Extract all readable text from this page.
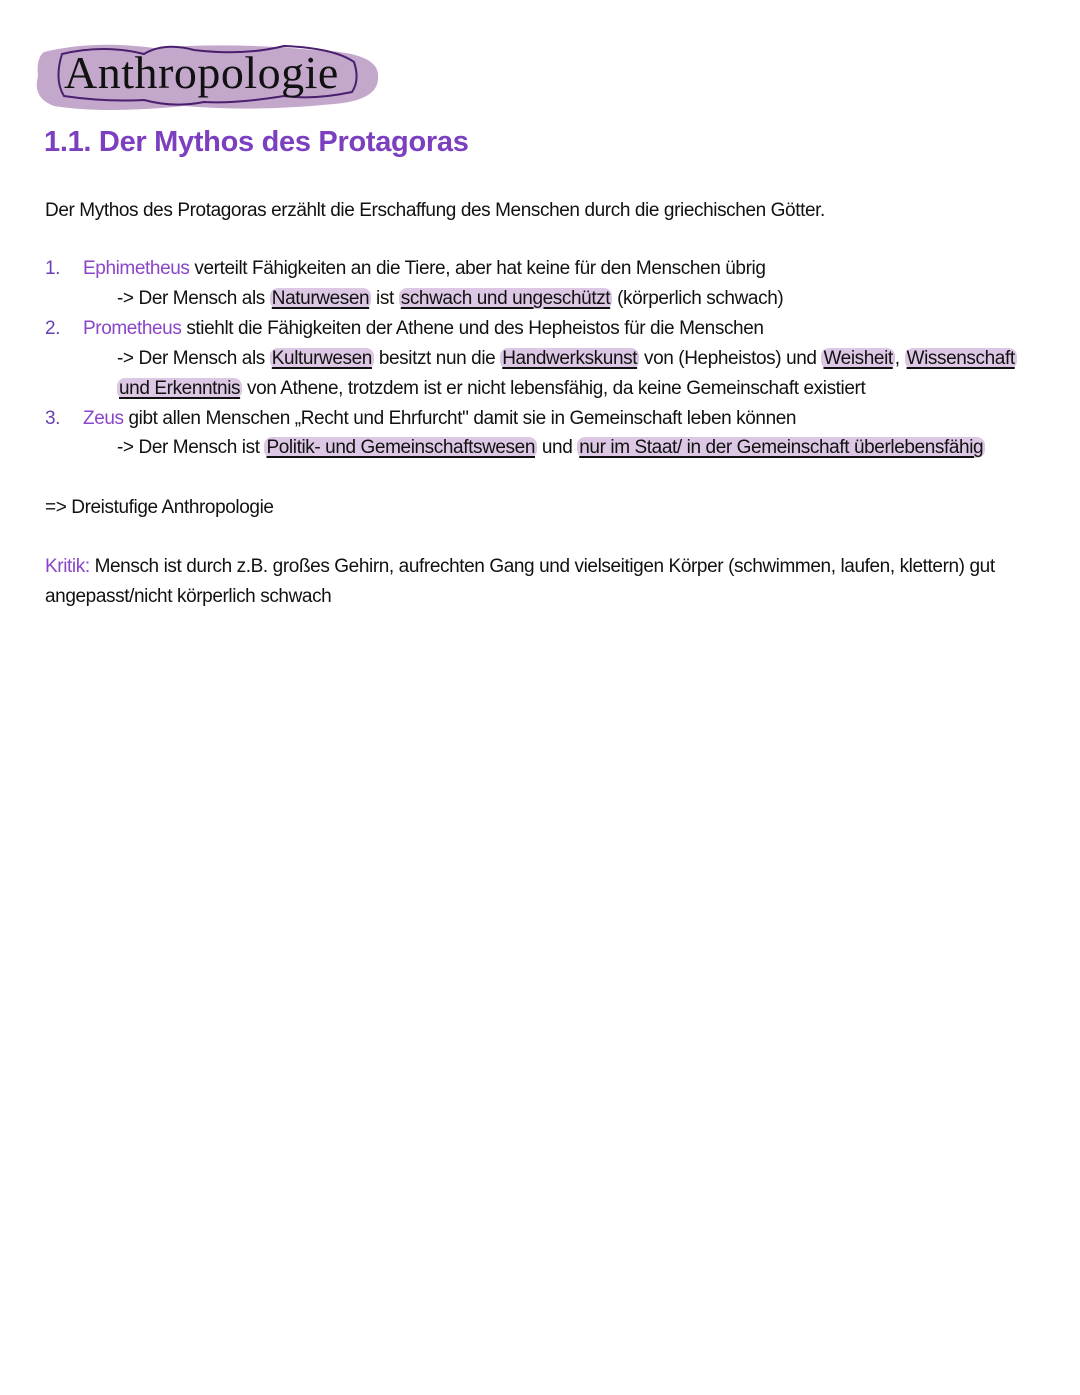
Anthropologie
1.1. Der Mythos des Protagoras
Der Mythos des Protagoras erzählt die Erschaffung des Menschen durch die griechischen Götter.
1. Ephimetheus verteilt Fähigkeiten an die Tiere, aber hat keine für den Menschen übrig
-> Der Mensch als Naturwesen ist schwach und ungeschützt (körperlich schwach)
2. Prometheus stiehlt die Fähigkeiten der Athene und des Hepheistos für die Menschen
-> Der Mensch als Kulturwesen besitzt nun die Handwerkskunst von (Hepheistos) und Weisheit , Wissenschaft
und Erkenntnis von Athene, trotzdem ist er nicht lebensfähig, da keine Gemeinschaft existiert
3. Zeus gibt allen Menschen „Recht und Ehrfurcht" damit sie in Gemeinschaft leben können
-> Der Mensch ist Politik- und Gemeinschaftswesen und nur im Staat/ in der Gemeinschaft überlebensfähig
=> Dreistufige Anthropologie
Kritik: Mensch ist durch z.B. großes Gehirn, aufrechten Gang und vielseitigen Körper (schwimmen, laufen, klettern) gut
angepasst/nicht körperlich schwach
